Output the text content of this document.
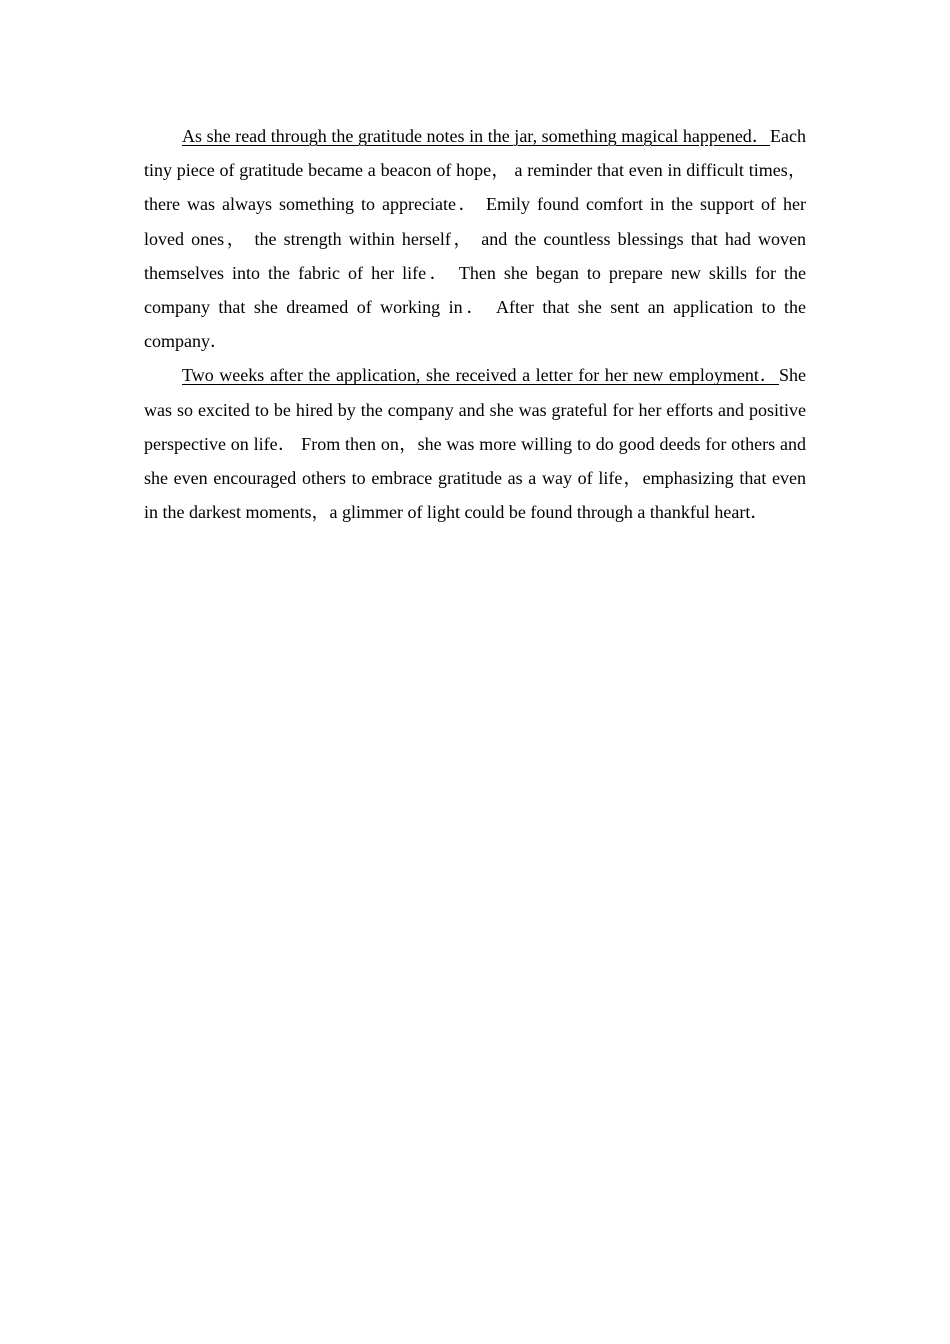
As she read through the gratitude notes in the jar, something magical happened．Each tiny piece of gratitude became a beacon of hope， a reminder that even in difficult times， there was always something to appreciate． Emily found comfort in the support of her loved ones， the strength within herself， and the countless blessings that had woven themselves into the fabric of her life． Then she began to prepare new skills for the company that she dreamed of working in． After that she sent an application to the company．

Two weeks after the application, she received a letter for her new employment．She was so excited to be hired by the company and she was grateful for her efforts and positive perspective on life． From then on，she was more willing to do good deeds for others and she even encouraged others to embrace gratitude as a way of life，emphasizing that even in the darkest moments，a glimmer of light could be found through a thankful heart．
